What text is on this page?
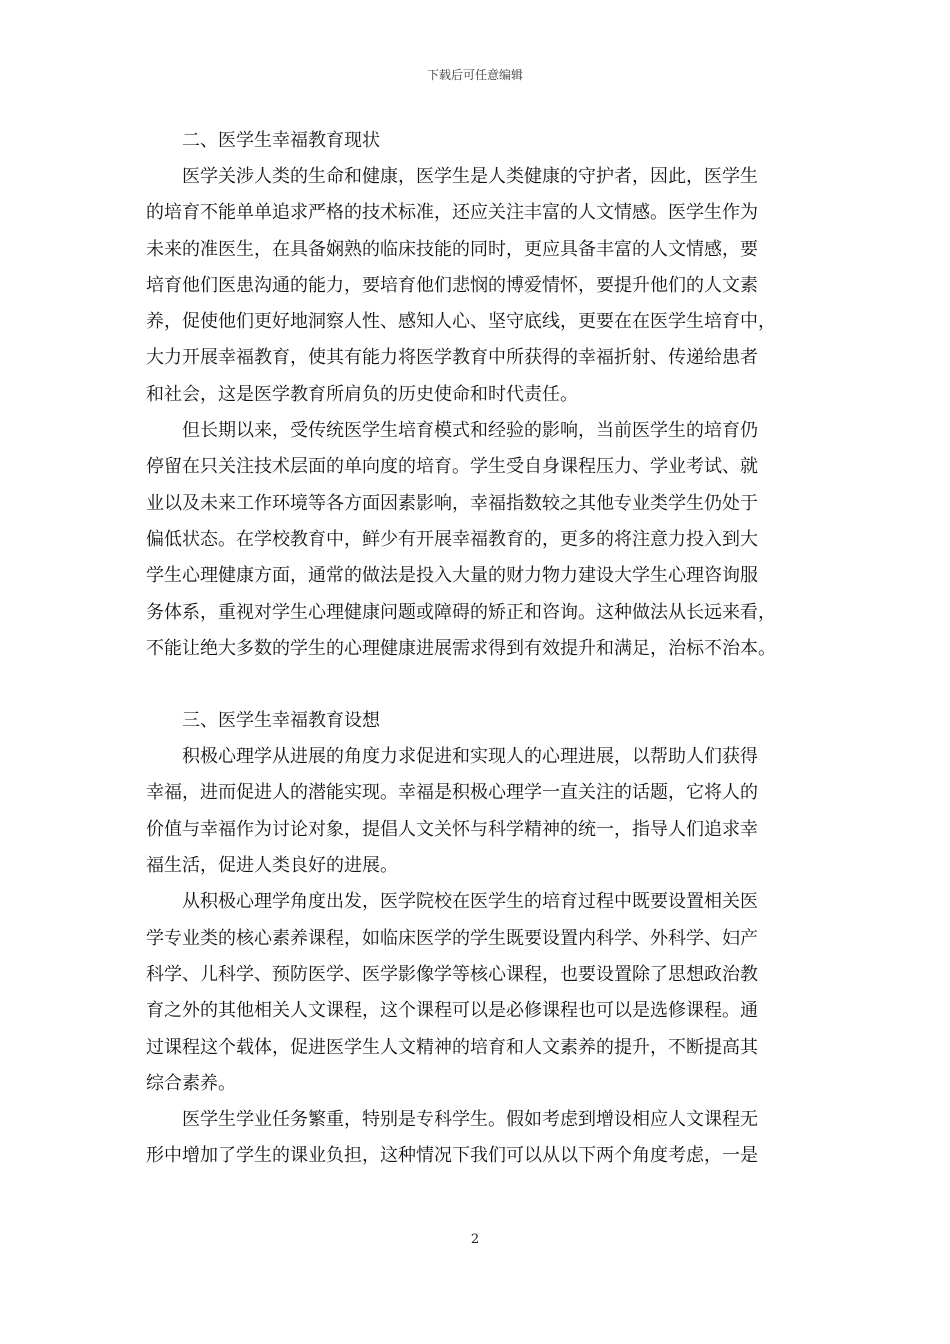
下载后可任意编辑
二、医学生幸福教育现状
医学关涉人类的生命和健康，医学生是人类健康的守护者，因此，医学生
的培育不能单单追求严格的技术标准，还应关注丰富的人文情感。医学生作为
未来的准医生，在具备娴熟的临床技能的同时，更应具备丰富的人文情感，要
培育他们医患沟通的能力，要培育他们悲悯的博爱情怀，要提升他们的人文素
养，促使他们更好地洞察人性、感知人心、坚守底线，更要在在医学生培育中，
大力开展幸福教育，使其有能力将医学教育中所获得的幸福折射、传递给患者
和社会，这是医学教育所肩负的历史使命和时代责任。
但长期以来，受传统医学生培育模式和经验的影响，当前医学生的培育仍
停留在只关注技术层面的单向度的培育。学生受自身课程压力、学业考试、就
业以及未来工作环境等各方面因素影响，幸福指数较之其他专业类学生仍处于
偏低状态。在学校教育中，鲜少有开展幸福教育的，更多的将注意力投入到大
学生心理健康方面，通常的做法是投入大量的财力物力建设大学生心理咨询服
务体系，重视对学生心理健康问题或障碍的矫正和咨询。这种做法从长远来看，
不能让绝大多数的学生的心理健康进展需求得到有效提升和满足，治标不治本。
三、医学生幸福教育设想
积极心理学从进展的角度力求促进和实现人的心理进展，以帮助人们获得
幸福，进而促进人的潜能实现。幸福是积极心理学一直关注的话题，它将人的
价值与幸福作为讨论对象，提倡人文关怀与科学精神的统一，指导人们追求幸
福生活，促进人类良好的进展。
从积极心理学角度出发，医学院校在医学生的培育过程中既要设置相关医
学专业类的核心素养课程，如临床医学的学生既要设置内科学、外科学、妇产
科学、儿科学、预防医学、医学影像学等核心课程，也要设置除了思想政治教
育之外的其他相关人文课程，这个课程可以是必修课程也可以是选修课程。通
过课程这个载体，促进医学生人文精神的培育和人文素养的提升，不断提高其
综合素养。
医学生学业任务繁重，特别是专科学生。假如考虑到增设相应人文课程无
形中增加了学生的课业负担，这种情况下我们可以从以下两个角度考虑，一是
2
